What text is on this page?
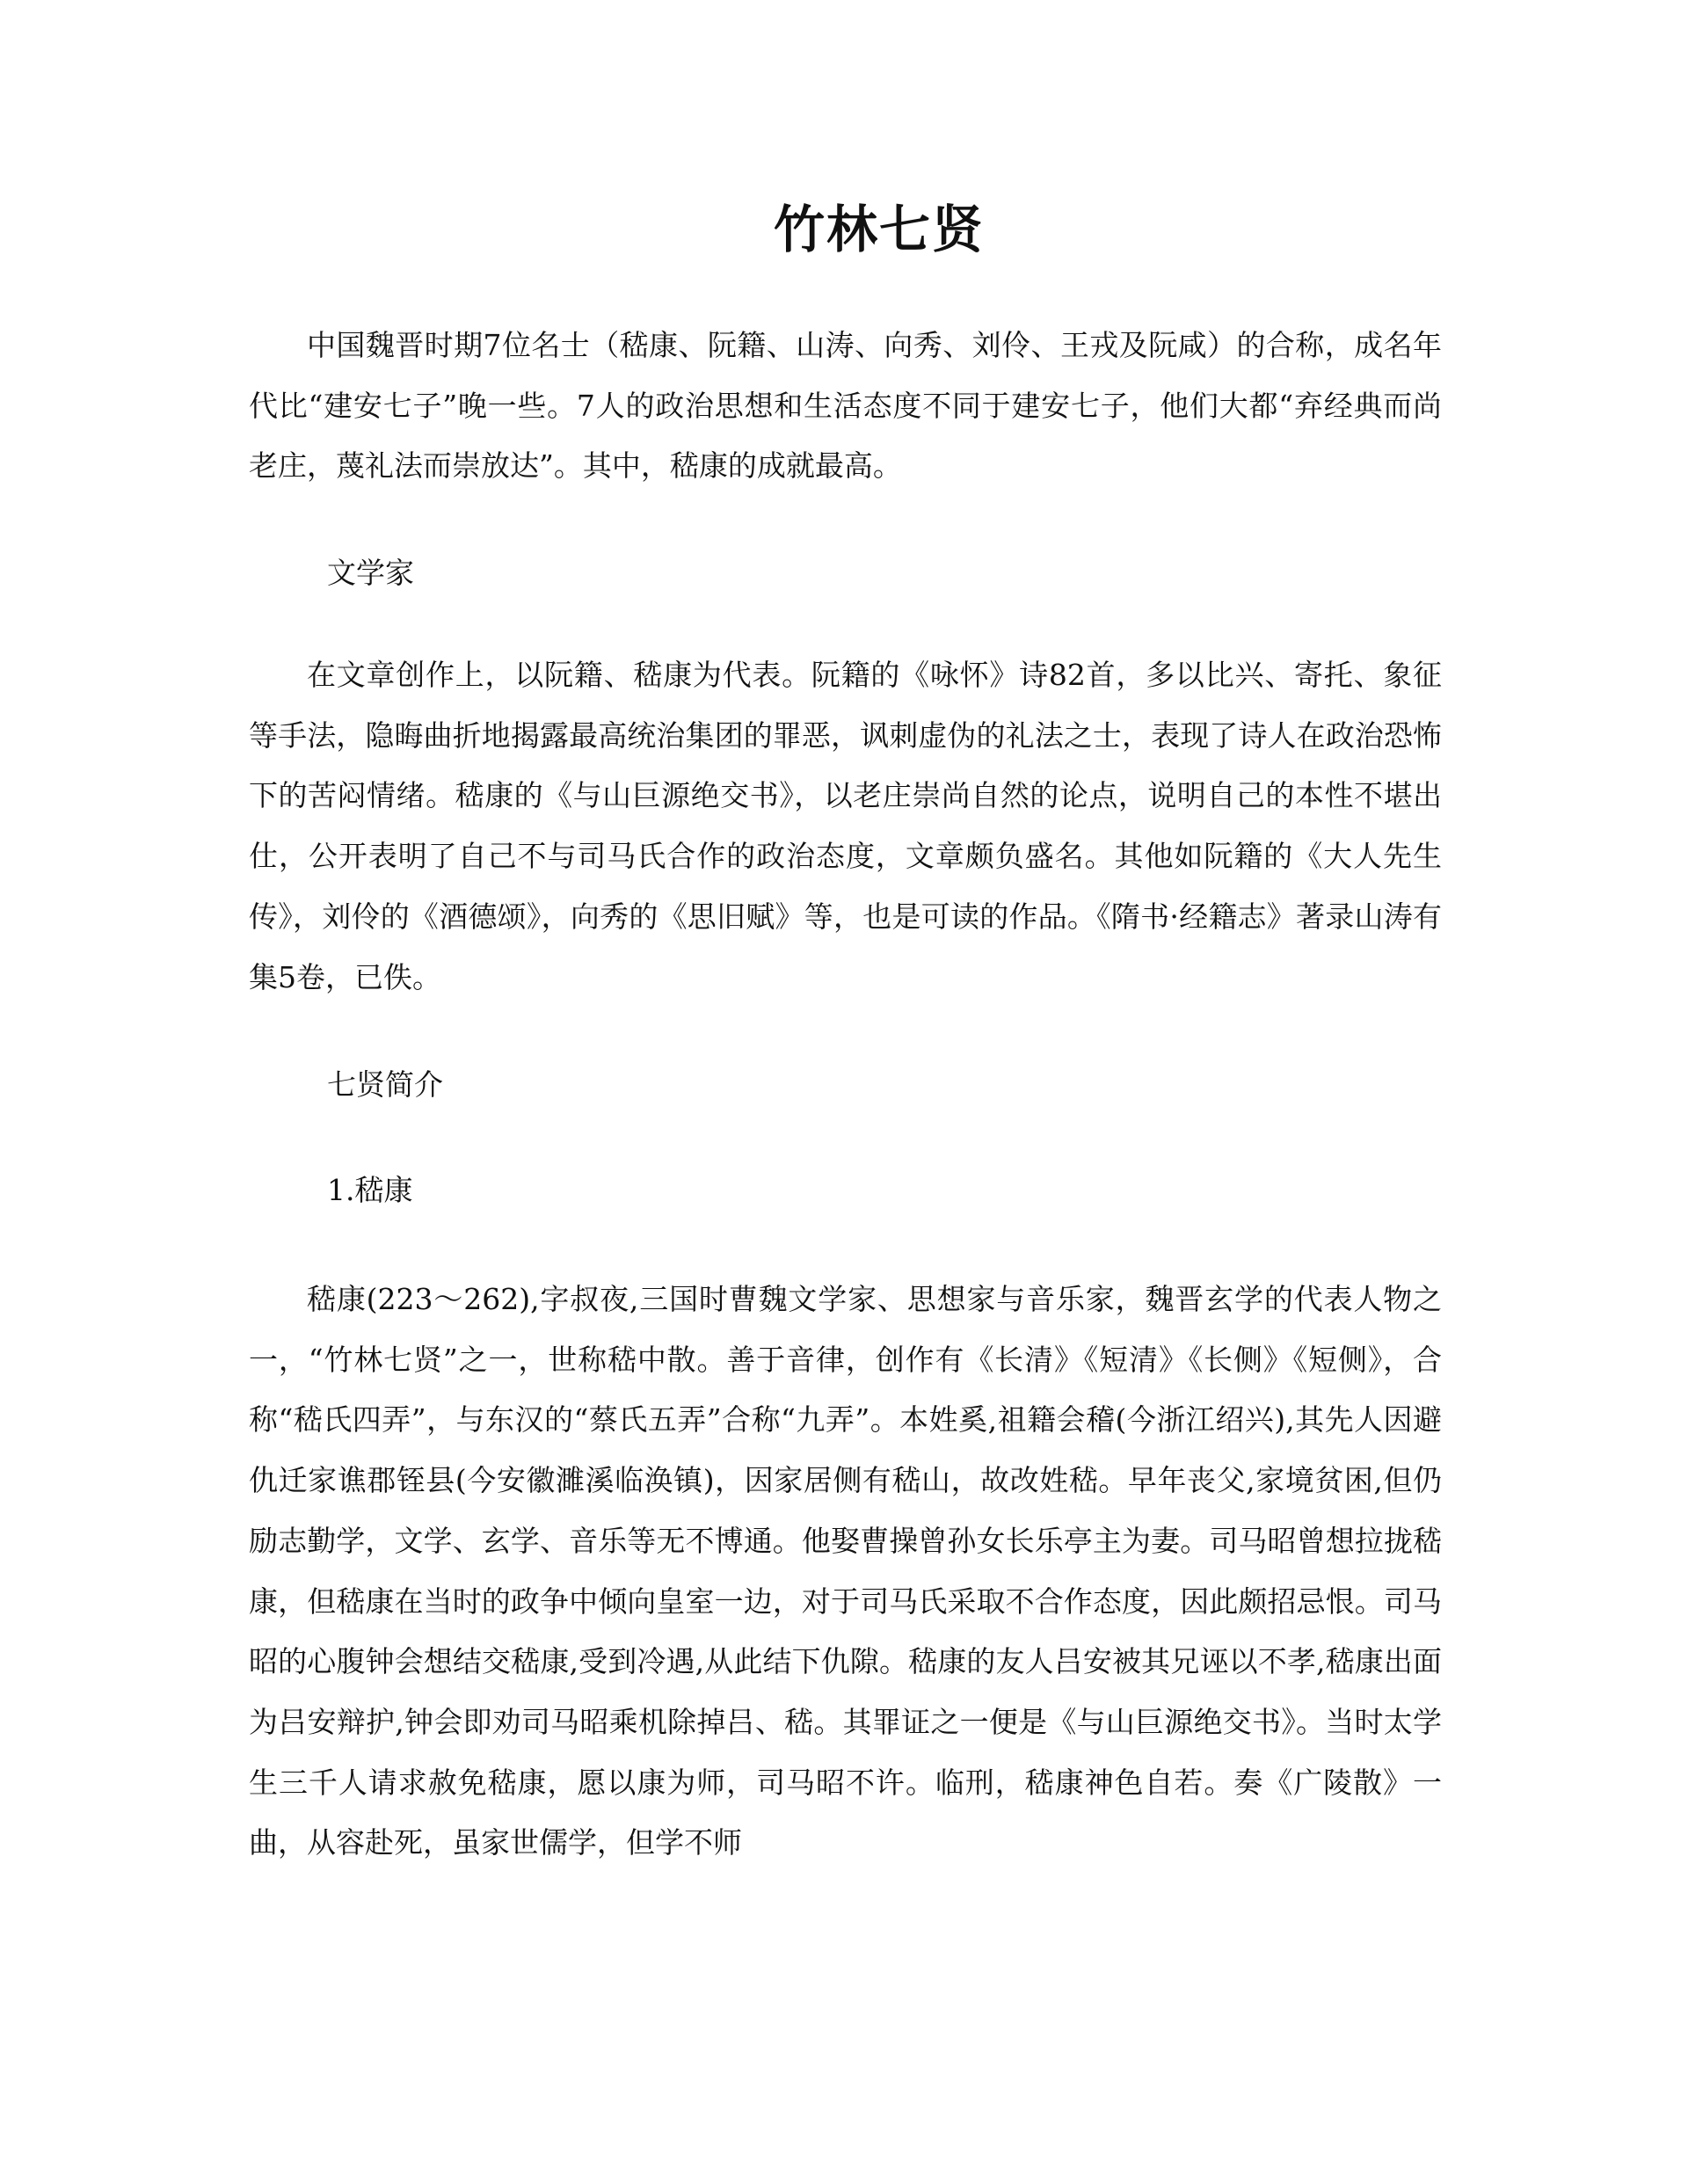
竹林七贤
中国魏晋时期7位名士（嵇康、阮籍、山涛、向秀、刘伶、王戎及阮咸）的合称，成名年代比“建安七子”晚一些。7人的政治思想和生活态度不同于建安七子，他们大都“弃经典而尚老庄，蔑礼法而崇放达”。其中，嵇康的成就最高。
文学家
在文章创作上，以阮籍、嵇康为代表。阮籍的《咏怀》诗82首，多以比兴、寄托、象征等手法，隐晦曲折地揭露最高统治集团的罪恶，讽刺虚伪的礼法之士，表现了诗人在政治恐怖下的苦闷情绪。嵇康的《与山巨源绝交书》，以老庄崇尚自然的论点，说明自己的本性不堪出仕，公开表明了自己不与司马氏合作的政治态度，文章颇负盛名。其他如阮籍的《大人先生传》，刘伶的《酒德颂》，向秀的《思旧赋》等，也是可读的作品。《隋书·经籍志》著录山涛有集5卷，已佚。
七贤简介
1.嵇康
嵇康(223～262),字叔夜,三国时曹魏文学家、思想家与音乐家，魏晋玄学的代表人物之一，“竹林七贤”之一，世称嵇中散。善于音律，创作有《长清》《短清》《长侧》《短侧》，合称“嵇氏四弄”，与东汉的“蔡氏五弄”合称“九弄”。本姓奚,祖籍会稽(今浙江绍兴),其先人因避仇迁家谯郡铚县(今安徽濉溪临涣镇)，因家居侧有嵇山，故改姓嵇。早年丧父,家境贫困,但仍励志勤学，文学、玄学、音乐等无不博通。他娶曹操曾孙女长乐亭主为妻。司马昭曾想拉拢嵇康，但嵇康在当时的政争中倾向皇室一边，对于司马氏采取不合作态度，因此颇招忌恨。司马昭的心腹钟会想结交嵇康,受到冷遇,从此结下仇隙。嵇康的友人吕安被其兄诬以不孝,嵇康出面为吕安辩护,钟会即劝司马昭乘机除掉吕、嵇。其罪证之一便是《与山巨源绝交书》。当时太学生三千人请求赦免嵇康，愿以康为师，司马昭不许。临刑，嵇康神色自若。奏《广陵散》一曲，从容赴死，虽家世儒学，但学不师
